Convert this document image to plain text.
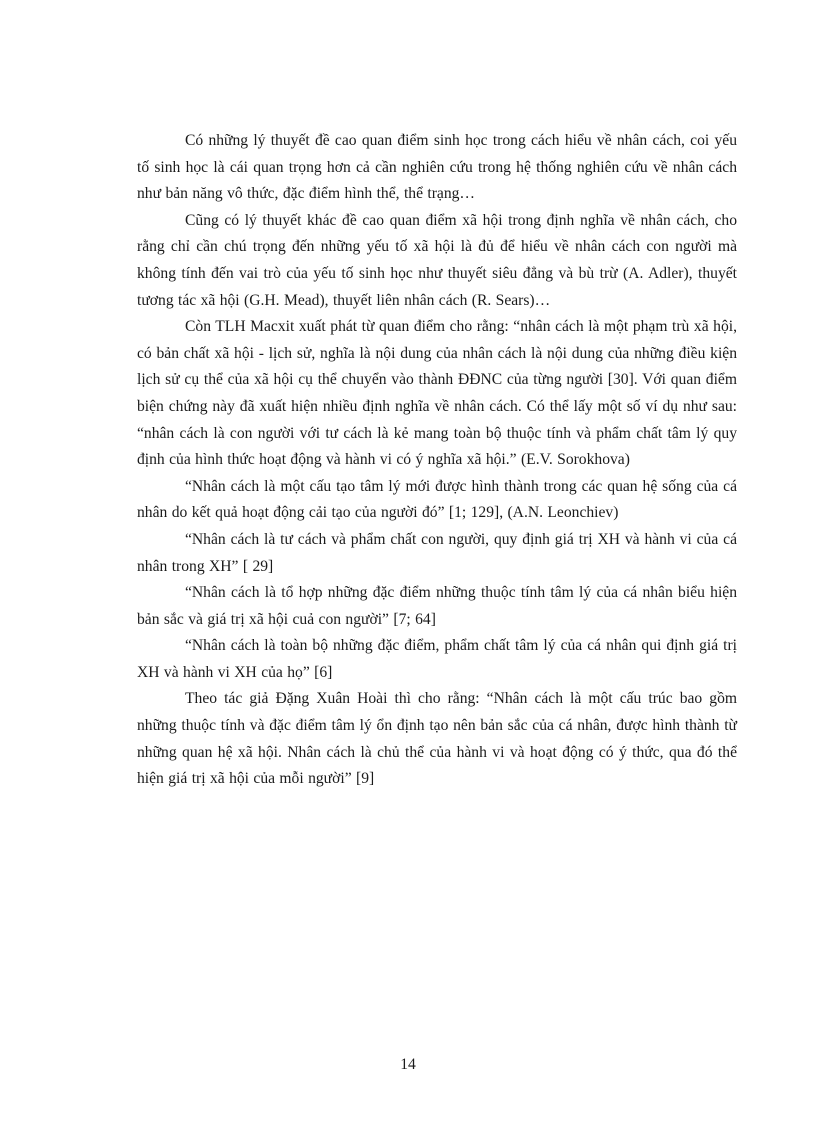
Có những lý thuyết đề cao quan điểm sinh học trong cách hiểu về nhân cách, coi yếu tố sinh học là cái quan trọng hơn cả cần nghiên cứu trong hệ thống nghiên cứu về nhân cách như bản năng vô thức, đặc điểm hình thể, thể trạng…

Cũng có lý thuyết khác đề cao quan điểm xã hội trong định nghĩa về nhân cách, cho rằng chỉ cần chú trọng đến những yếu tố xã hội là đủ để hiểu về nhân cách con người mà không tính đến vai trò của yếu tố sinh học như thuyết siêu đẳng và bù trừ (A. Adler), thuyết tương tác xã hội (G.H. Mead), thuyết liên nhân cách (R. Sears)…

Còn TLH Macxit xuất phát từ quan điểm cho rằng: “nhân cách là một phạm trù xã hội, có bản chất xã hội - lịch sử, nghĩa là nội dung của nhân cách là nội dung của những điều kiện lịch sử cụ thể của xã hội cụ thể chuyển vào thành ĐĐNC của từng người [30]. Với quan điểm biện chứng này đã xuất hiện nhiều định nghĩa về nhân cách. Có thể lấy một số ví dụ như sau: “nhân cách là con người với tư cách là kẻ mang toàn bộ thuộc tính và phẩm chất tâm lý quy định của hình thức hoạt động và hành vi có ý nghĩa xã hội.” (E.V. Sorokhova)

“Nhân cách là một cấu tạo tâm lý mới được hình thành trong các quan hệ sống của cá nhân do kết quả hoạt động cải tạo của người đó” [1; 129], (A.N. Leonchiev)

“Nhân cách là tư cách và phẩm chất con người, quy định giá trị XH và hành vi của cá nhân trong XH” [ 29]

“Nhân cách là tổ hợp những đặc điểm những thuộc tính tâm lý của cá nhân biểu hiện bản sắc và giá trị xã hội cuả con người” [7; 64]

“Nhân cách là toàn bộ những đặc điểm, phẩm chất tâm lý của cá nhân qui định giá trị XH và hành vi XH của họ” [6]

Theo tác giả Đặng Xuân Hoài thì cho rằng: “Nhân cách là một cấu trúc bao gồm những thuộc tính và đặc điểm tâm lý ổn định tạo nên bản sắc của cá nhân, được hình thành từ những quan hệ xã hội. Nhân cách là chủ thể của hành vi và hoạt động có ý thức, qua đó thể hiện giá trị xã hội của mỗi người” [9]

14
